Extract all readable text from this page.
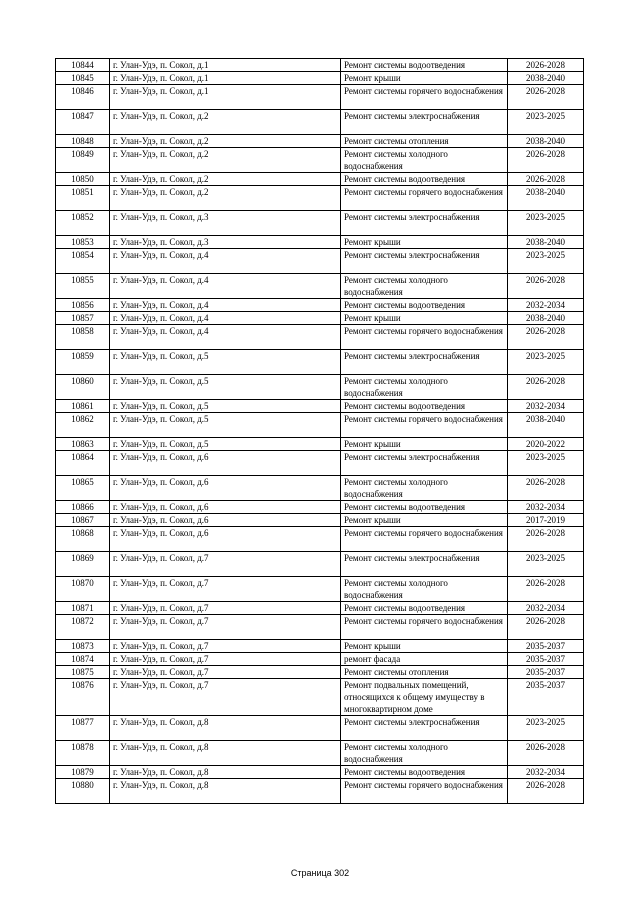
10844	г. Улан-Удэ, п. Сокол, д.1	Ремонт системы водоотведения	2026-2028
10845	г. Улан-Удэ, п. Сокол, д.1	Ремонт крыши	2038-2040
10846	г. Улан-Удэ, п. Сокол, д.1	Ремонт системы горячего водоснабжения	2026-2028
10847	г. Улан-Удэ, п. Сокол, д.2	Ремонт системы электроснабжения	2023-2025
10848	г. Улан-Удэ, п. Сокол, д.2	Ремонт системы отопления	2038-2040
10849	г. Улан-Удэ, п. Сокол, д.2	Ремонт системы холодного водоснабжения	2026-2028
10850	г. Улан-Удэ, п. Сокол, д.2	Ремонт системы водоотведения	2026-2028
10851	г. Улан-Удэ, п. Сокол, д.2	Ремонт системы горячего водоснабжения	2038-2040
10852	г. Улан-Удэ, п. Сокол, д.3	Ремонт системы электроснабжения	2023-2025
10853	г. Улан-Удэ, п. Сокол, д.3	Ремонт крыши	2038-2040
10854	г. Улан-Удэ, п. Сокол, д.4	Ремонт системы электроснабжения	2023-2025
10855	г. Улан-Удэ, п. Сокол, д.4	Ремонт системы холодного водоснабжения	2026-2028
10856	г. Улан-Удэ, п. Сокол, д.4	Ремонт системы водоотведения	2032-2034
10857	г. Улан-Удэ, п. Сокол, д.4	Ремонт крыши	2038-2040
10858	г. Улан-Удэ, п. Сокол, д.4	Ремонт системы горячего водоснабжения	2026-2028
10859	г. Улан-Удэ, п. Сокол, д.5	Ремонт системы электроснабжения	2023-2025
10860	г. Улан-Удэ, п. Сокол, д.5	Ремонт системы холодного водоснабжения	2026-2028
10861	г. Улан-Удэ, п. Сокол, д.5	Ремонт системы водоотведения	2032-2034
10862	г. Улан-Удэ, п. Сокол, д.5	Ремонт системы горячего водоснабжения	2038-2040
10863	г. Улан-Удэ, п. Сокол, д.5	Ремонт крыши	2020-2022
10864	г. Улан-Удэ, п. Сокол, д.6	Ремонт системы электроснабжения	2023-2025
10865	г. Улан-Удэ, п. Сокол, д.6	Ремонт системы холодного водоснабжения	2026-2028
10866	г. Улан-Удэ, п. Сокол, д.6	Ремонт системы водоотведения	2032-2034
10867	г. Улан-Удэ, п. Сокол, д.6	Ремонт крыши	2017-2019
10868	г. Улан-Удэ, п. Сокол, д.6	Ремонт системы горячего водоснабжения	2026-2028
10869	г. Улан-Удэ, п. Сокол, д.7	Ремонт системы электроснабжения	2023-2025
10870	г. Улан-Удэ, п. Сокол, д.7	Ремонт системы холодного водоснабжения	2026-2028
10871	г. Улан-Удэ, п. Сокол, д.7	Ремонт системы водоотведения	2032-2034
10872	г. Улан-Удэ, п. Сокол, д.7	Ремонт системы горячего водоснабжения	2026-2028
10873	г. Улан-Удэ, п. Сокол, д.7	Ремонт крыши	2035-2037
10874	г. Улан-Удэ, п. Сокол, д.7	ремонт фасада	2035-2037
10875	г. Улан-Удэ, п. Сокол, д.7	Ремонт системы отопления	2035-2037
10876	г. Улан-Удэ, п. Сокол, д.7	Ремонт подвальных помещений, относящихся к общему имуществу в многоквартирном доме	2035-2037
10877	г. Улан-Удэ, п. Сокол, д.8	Ремонт системы электроснабжения	2023-2025
10878	г. Улан-Удэ, п. Сокол, д.8	Ремонт системы холодного водоснабжения	2026-2028
10879	г. Улан-Удэ, п. Сокол, д.8	Ремонт системы водоотведения	2032-2034
10880	г. Улан-Удэ, п. Сокол, д.8	Ремонт системы горячего водоснабжения	2026-2028
Страница 302
